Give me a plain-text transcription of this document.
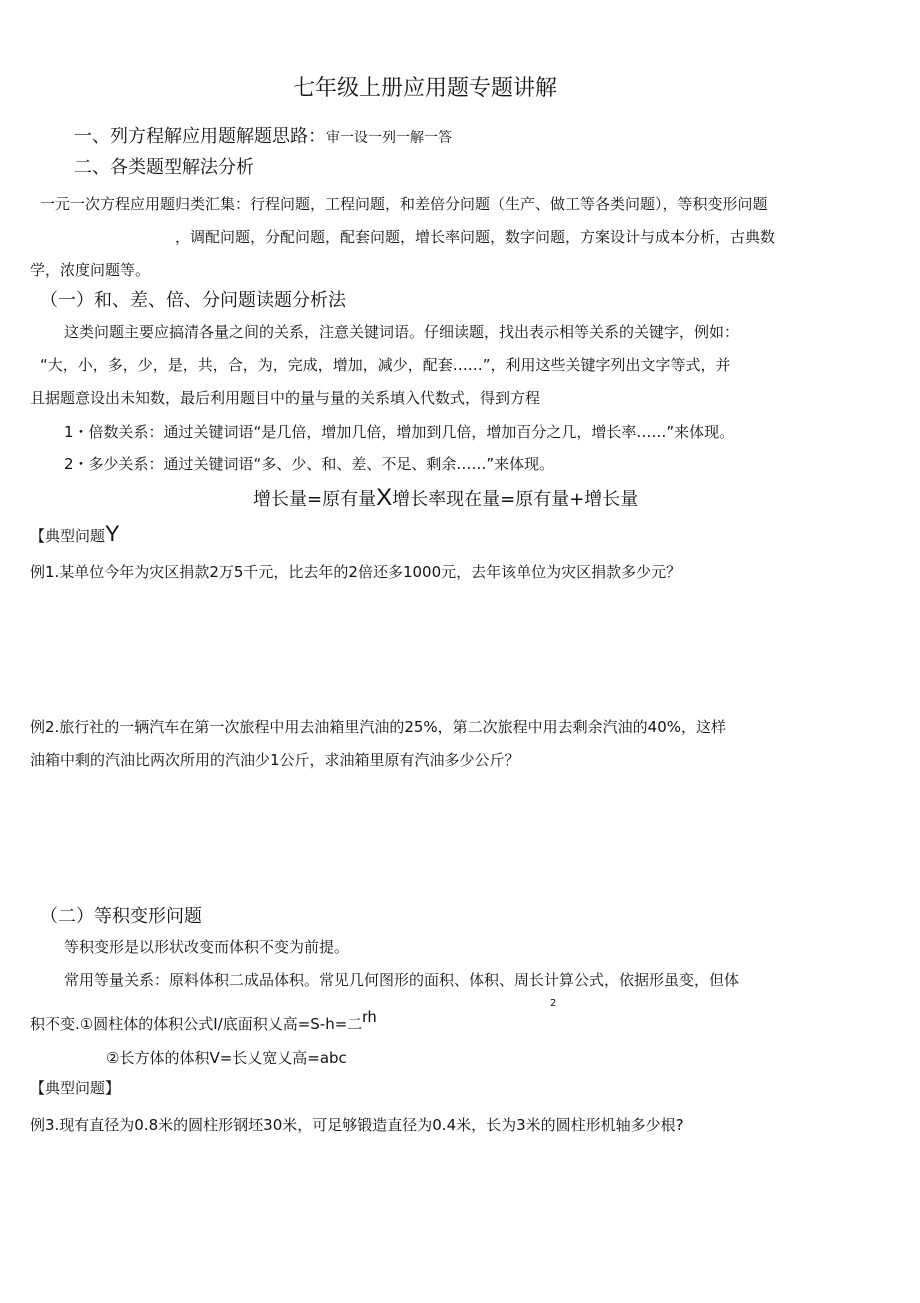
七年级上册应用题专题讲解
一、列方程解应用题解题思路：审一设一列一解一答
二、各类题型解法分析
一元一次方程应用题归类汇集：行程问题，工程问题，和差倍分问题（生产、做工等各类问题），等积变形问题
，调配问题，分配问题，配套问题，增长率问题，数字问题，方案设计与成本分析，古典数
学，浓度问题等。
（一）和、差、倍、分问题读题分析法
这类问题主要应搞清各量之间的关系，注意关键词语。仔细读题，找出表示相等关系的关键字，例如：
“大，小，多，少，是，共，合，为，完成，增加，减少，配套……”，利用这些关键字列出文字等式，并
且据题意设出未知数，最后利用题目中的量与量的关系填入代数式，得到方程
1・倍数关系：通过关键词语“是几倍，增加几倍，增加到几倍，增加百分之几，增长率……”来体现。
2・多少关系：通过关键词语“多、少、和、差、不足、剩余……”来体现。
增长量=原有量X增长率现在量=原有量+增长量
【典型问题Y
例1.某单位今年为灾区捐款2万5千元，比去年的2倍还多1000元，去年该单位为灾区捐款多少元？
例2.旅行社的一辆汽车在第一次旅程中用去油箱里汽油的25%，第二次旅程中用去剩余汽油的40%，这样
油箱中剩的汽油比两次所用的汽油少1公斤，求油箱里原有汽油多少公斤？
（二）等积变形问题
等积变形是以形状改变而体积不变为前提。
常用等量关系：原料体积二成品体积。常见几何图形的面积、体积、周长计算公式，依据形虽变，但体
2
积不变.①圆柱体的体积公式I/底面积乂高=S-h=二rh
②长方体的体积V=长乂宽乂高=abc
【典型问题】
例3.现有直径为0.8米的圆柱形钢坯30米，可足够锻造直径为0.4米，长为3米的圆柱形机轴多少根?
